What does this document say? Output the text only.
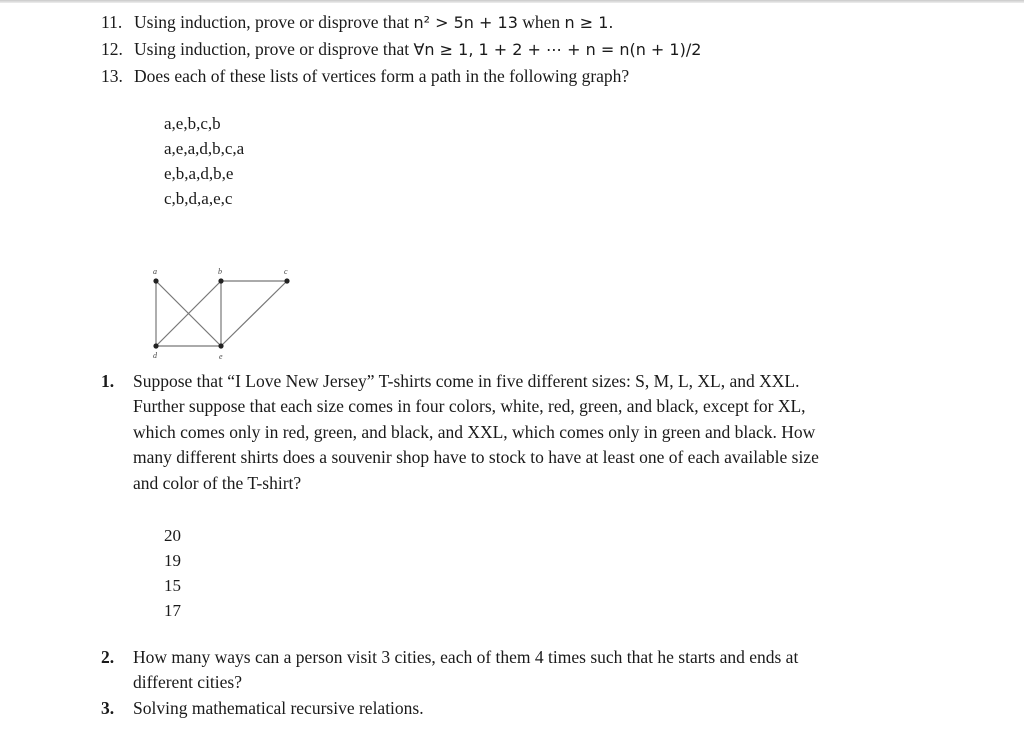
11. Using induction, prove or disprove that n² > 5n + 13 when n ≥ 1.
12. Using induction, prove or disprove that ∀n ≥ 1, 1 + 2 + ⋯ + n = n(n + 1)/2
13. Does each of these lists of vertices form a path in the following graph?
a,e,b,c,b
a,e,a,d,b,c,a
e,b,a,d,b,e
c,b,d,a,e,c
a	b	c
d	e
1. Suppose that “I Love New Jersey” T-shirts come in five different sizes: S, M, L, XL, and XXL.
Further suppose that each size comes in four colors, white, red, green, and black, except for XL,
which comes only in red, green, and black, and XXL, which comes only in green and black. How
many different shirts does a souvenir shop have to stock to have at least one of each available size
and color of the T-shirt?
20
19
15
17
2. How many ways can a person visit 3 cities, each of them 4 times such that he starts and ends at
different cities?
3. Solving mathematical recursive relations.
